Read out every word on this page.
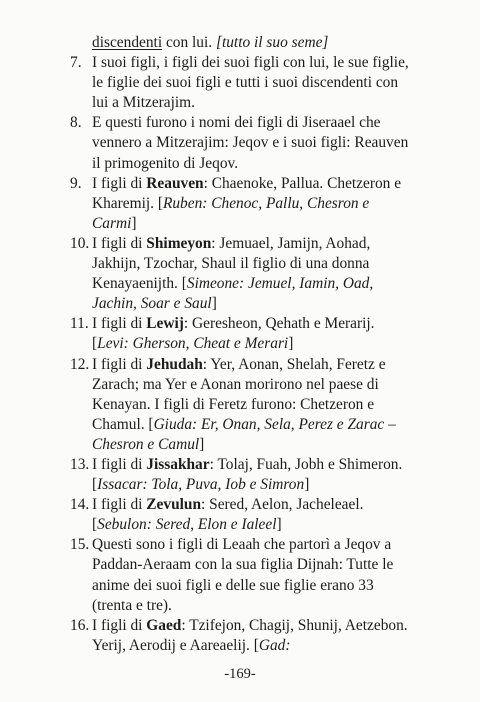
discendenti con lui. [tutto il suo seme]
7. I suoi figli, i figli dei suoi figli con lui, le sue figlie, le figlie dei suoi figli e tutti i suoi discendenti con lui a Mitzerajim.
8. E questi furono i nomi dei figli di Jiseraael che vennero a Mitzerajim: Jeqov e i suoi figli: Reauven il primogenito di Jeqov.
9. I figli di Reauven: Chaenoke, Pallua. Chetzeron e Kharemij. [Ruben: Chenoc, Pallu, Chesron e Carmi]
10. I figli di Shimeyon: Jemuael, Jamijn, Aohad, Jakhijn, Tzochar, Shaul il figlio di una donna Kenayaenijth. [Simeone: Jemuel, Iamin, Oad, Jachin, Soar e Saul]
11. I figli di Lewij: Geresheon, Qehath e Merarij. [Levi: Gherson, Cheat e Merari]
12. I figli di Jehudah: Yer, Aonan, Shelah, Feretz e Zarach; ma Yer e Aonan morirono nel paese di Kenayan. I figli di Feretz furono: Chetzeron e Chamul. [Giuda: Er, Onan, Sela, Perez e Zarac – Chesron e Camul]
13. I figli di Jissakhar: Tolaj, Fuah, Jobh e Shimeron. [Issacar: Tola, Puva, Iob e Simron]
14. I figli di Zevulun: Sered, Aelon, Jacheleael. [Sebulon: Sered, Elon e Ialeel]
15. Questi sono i figli di Leaah che partorì a Jeqov a Paddan-Aeraam con la sua figlia Dijnah: Tutte le anime dei suoi figli e delle sue figlie erano 33 (trenta e tre).
16. I figli di Gaed: Tzifejon, Chagij, Shunij, Aetzebon. Yerij, Aerodij e Aareaelij. [Gad:
-169-
